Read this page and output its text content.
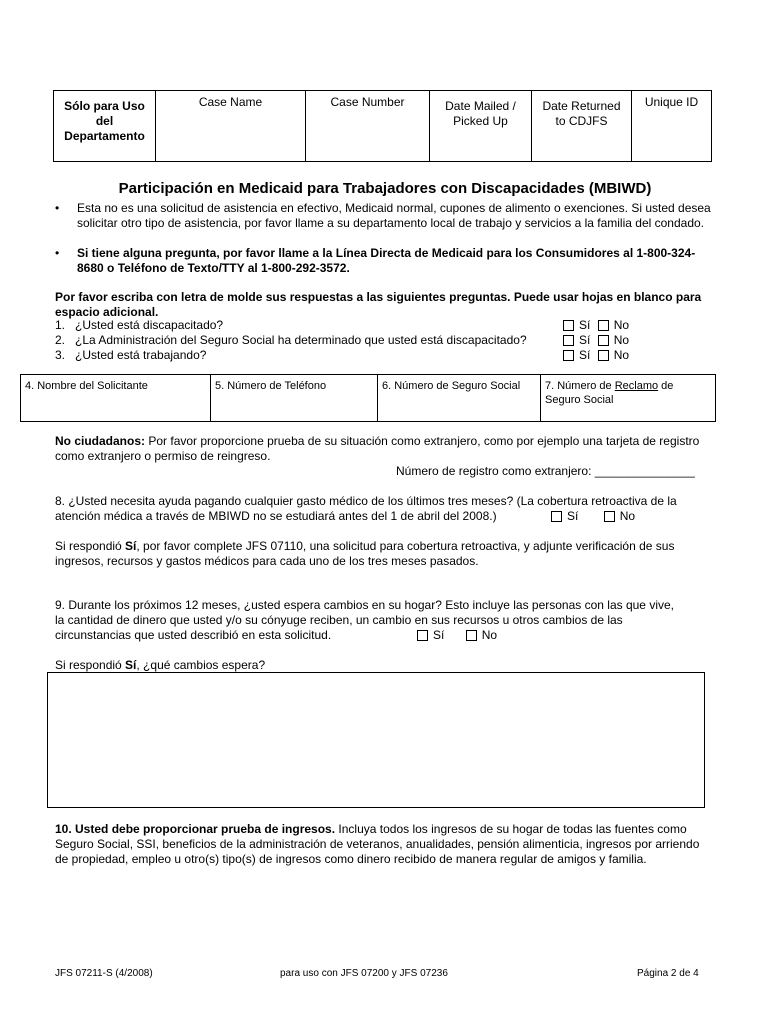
Sólo para Uso del Departamento	Case Name	Case Number	Date Mailed / Picked Up	Date Returned to CDJFS	Unique ID
Participación en Medicaid para Trabajadores con Discapacidades (MBIWD)
•	Esta no es una solicitud de asistencia en efectivo, Medicaid normal, cupones de alimento o exenciones. Si usted desea solicitar otro tipo de asistencia, por favor llame a su departamento local de trabajo y servicios a la familia del condado.
•	Si tiene alguna pregunta, por favor llame a la Línea Directa de Medicaid para los Consumidores al 1-800-324-8680 o Teléfono de Texto/TTY al 1-800-292-3572.
Por favor escriba con letra de molde sus respuestas a las siguientes preguntas. Puede usar hojas en blanco para espacio adicional.
1. ¿Usted está discapacitado?	Sí No
2. ¿La Administración del Seguro Social ha determinado que usted está discapacitado?	Sí No
3. ¿Usted está trabajando?	Sí No
4. Nombre del Solicitante	5. Número de Teléfono	6. Número de Seguro Social	7. Número de Reclamo de Seguro Social
No ciudadanos: Por favor proporcione prueba de su situación como extranjero, como por ejemplo una tarjeta de registro como extranjero o permiso de reingreso.
Número de registro como extranjero: _______________
8. ¿Usted necesita ayuda pagando cualquier gasto médico de los últimos tres meses? (La cobertura retroactiva de la atención médica a través de MBIWD no se estudiará antes del 1 de abril del 2008.)	Sí	No
Si respondió Sí, por favor complete JFS 07110, una solicitud para cobertura retroactiva, y adjunte verificación de sus ingresos, recursos y gastos médicos para cada uno de los tres meses pasados.
9. Durante los próximos 12 meses, ¿usted espera cambios en su hogar? Esto incluye las personas con las que vive,
la cantidad de dinero que usted y/o su cónyuge reciben, un cambio en sus recursos u otros cambios de las
circunstancias que usted describió en esta solicitud.	Sí	No
Si respondió Sí, ¿qué cambios espera?
10. Usted debe proporcionar prueba de ingresos. Incluya todos los ingresos de su hogar de todas las fuentes como Seguro Social, SSI, beneficios de la administración de veteranos, anualidades, pensión alimenticia, ingresos por arriendo de propiedad, empleo u otro(s) tipo(s) de ingresos como dinero recibido de manera regular de amigos y familia.
JFS 07211-S (4/2008)	para uso con JFS 07200 y JFS 07236	Página 2 de 4
